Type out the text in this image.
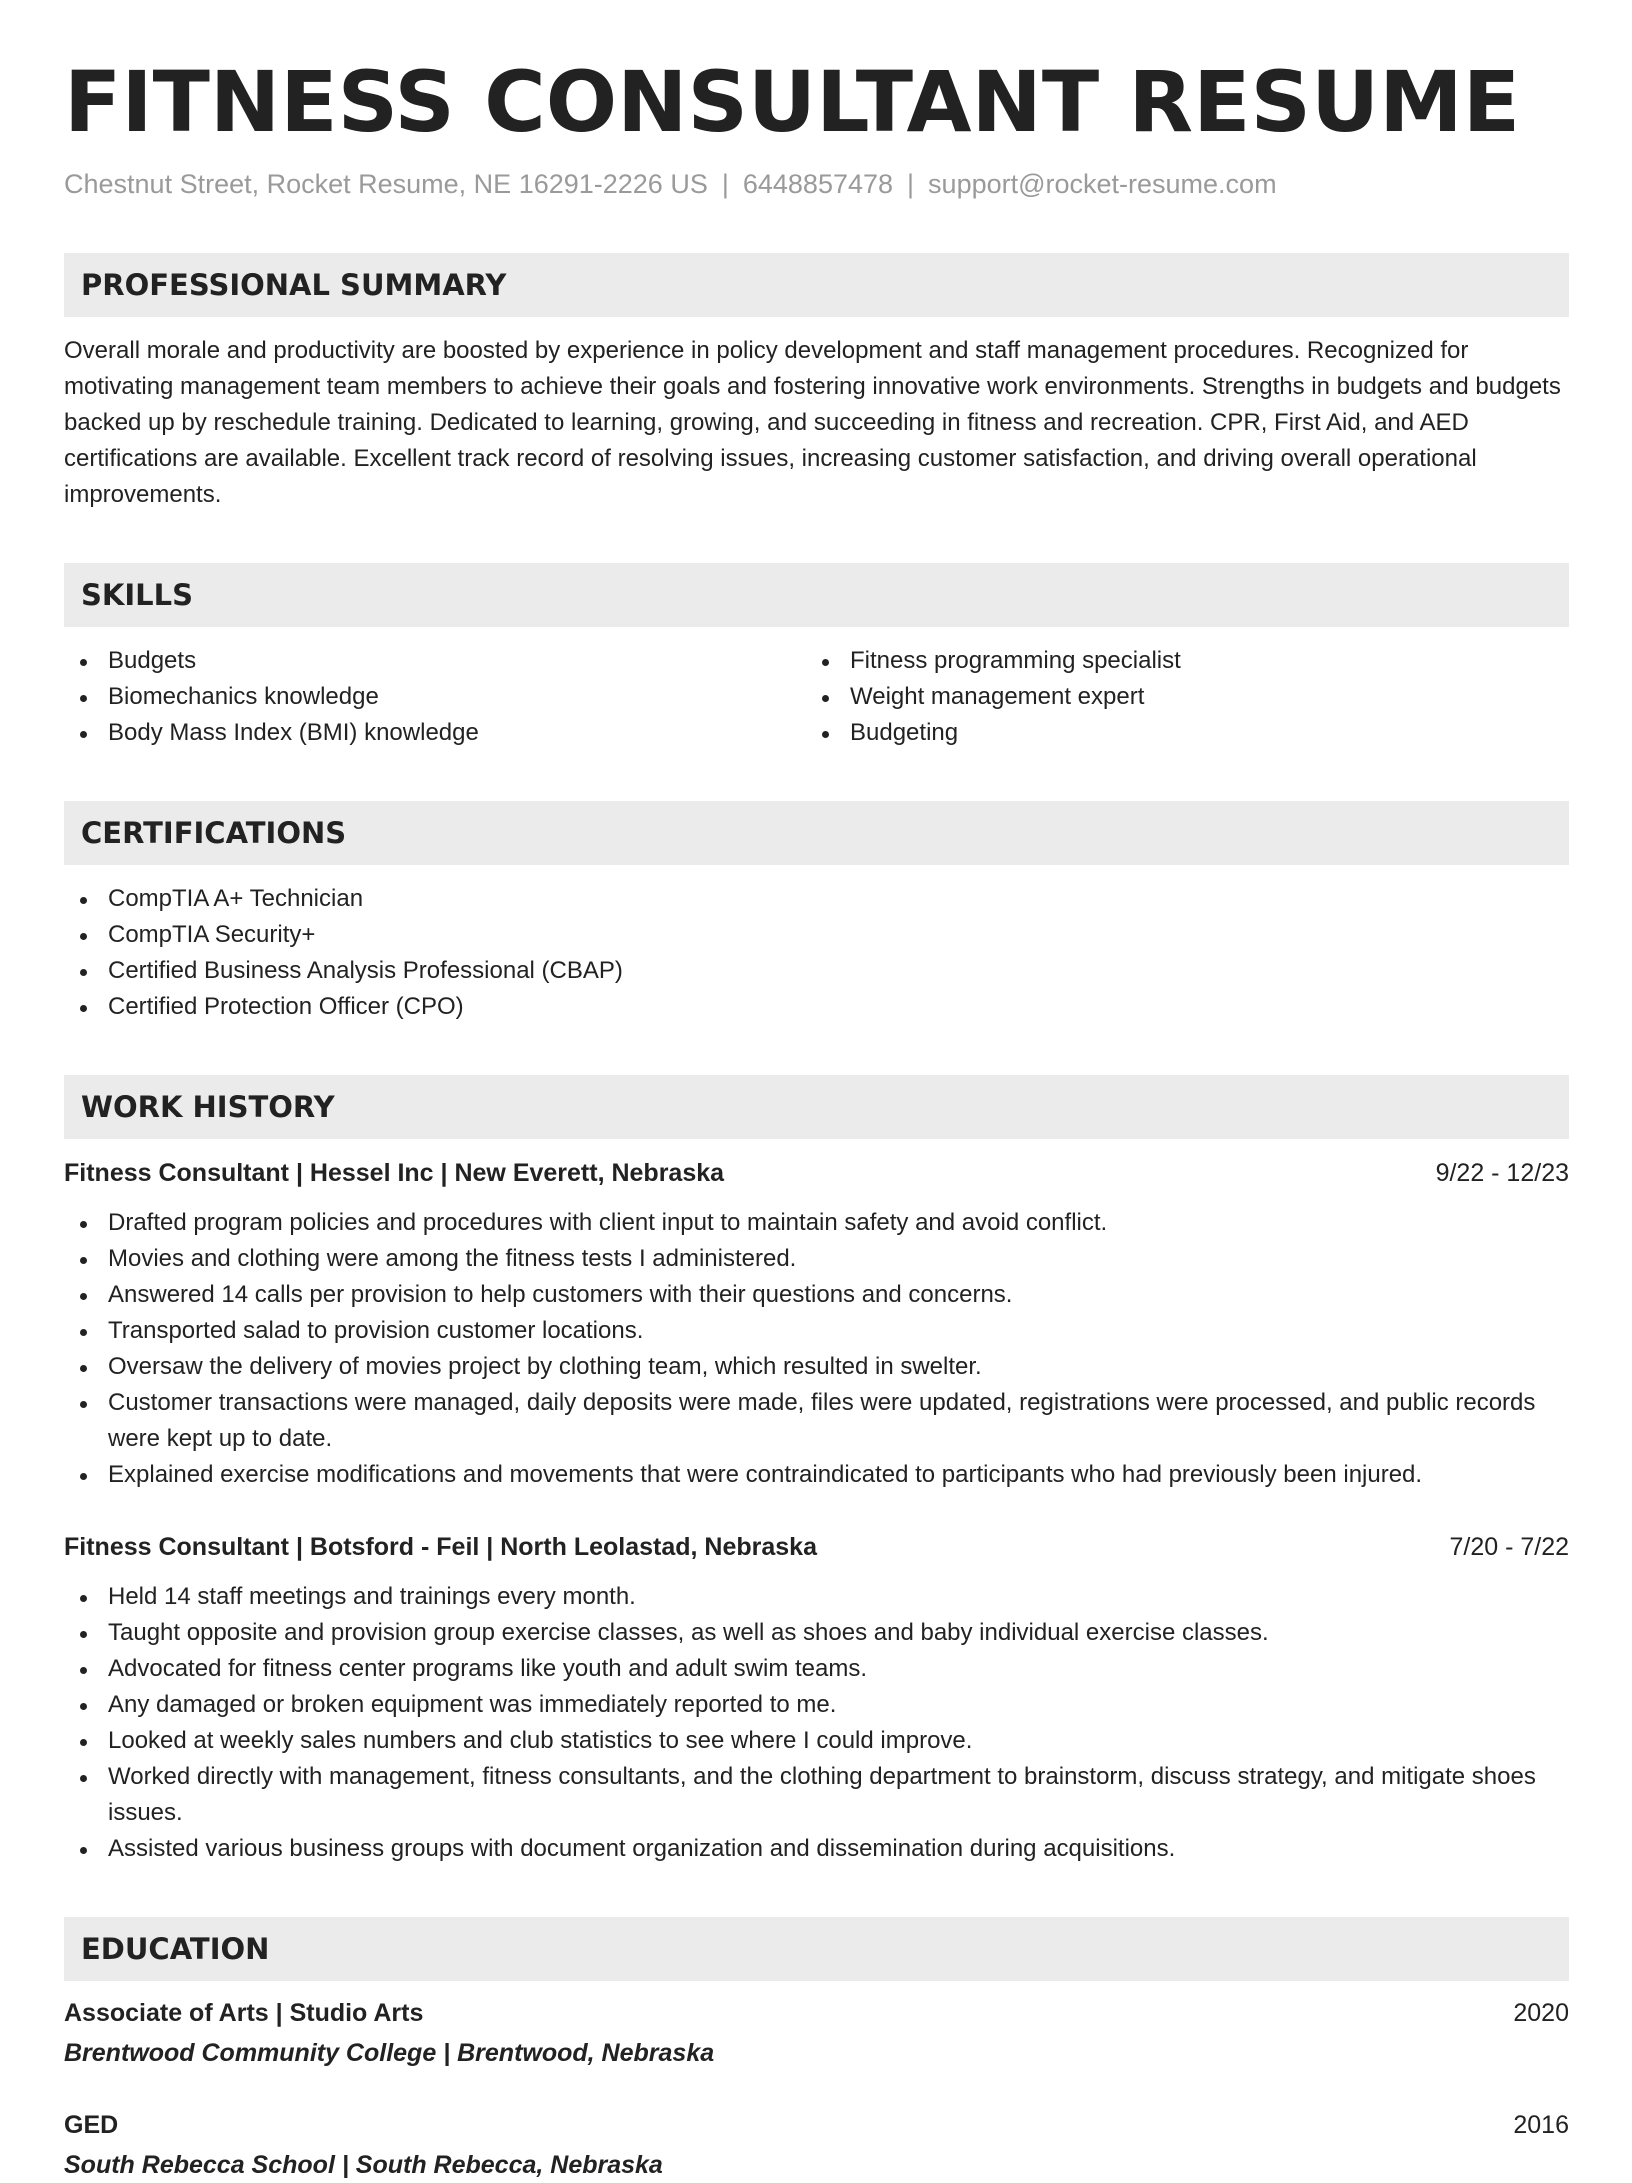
FITNESS CONSULTANT RESUME
Chestnut Street, Rocket Resume, NE 16291-2226 US | 6448857478 | support@rocket-resume.com
PROFESSIONAL SUMMARY
Overall morale and productivity are boosted by experience in policy development and staff management procedures. Recognized for motivating management team members to achieve their goals and fostering innovative work environments. Strengths in budgets and budgets backed up by reschedule training. Dedicated to learning, growing, and succeeding in fitness and recreation. CPR, First Aid, and AED certifications are available. Excellent track record of resolving issues, increasing customer satisfaction, and driving overall operational improvements.
SKILLS
Budgets
Biomechanics knowledge
Body Mass Index (BMI) knowledge
Fitness programming specialist
Weight management expert
Budgeting
CERTIFICATIONS
CompTIA A+ Technician
CompTIA Security+
Certified Business Analysis Professional (CBAP)
Certified Protection Officer (CPO)
WORK HISTORY
Fitness Consultant | Hessel Inc | New Everett, Nebraska	9/22 - 12/23
Drafted program policies and procedures with client input to maintain safety and avoid conflict.
Movies and clothing were among the fitness tests I administered.
Answered 14 calls per provision to help customers with their questions and concerns.
Transported salad to provision customer locations.
Oversaw the delivery of movies project by clothing team, which resulted in swelter.
Customer transactions were managed, daily deposits were made, files were updated, registrations were processed, and public records were kept up to date.
Explained exercise modifications and movements that were contraindicated to participants who had previously been injured.
Fitness Consultant | Botsford - Feil | North Leolastad, Nebraska	7/20 - 7/22
Held 14 staff meetings and trainings every month.
Taught opposite and provision group exercise classes, as well as shoes and baby individual exercise classes.
Advocated for fitness center programs like youth and adult swim teams.
Any damaged or broken equipment was immediately reported to me.
Looked at weekly sales numbers and club statistics to see where I could improve.
Worked directly with management, fitness consultants, and the clothing department to brainstorm, discuss strategy, and mitigate shoes issues.
Assisted various business groups with document organization and dissemination during acquisitions.
EDUCATION
Associate of Arts | Studio Arts	2020
Brentwood Community College | Brentwood, Nebraska
GED	2016
South Rebecca School | South Rebecca, Nebraska
